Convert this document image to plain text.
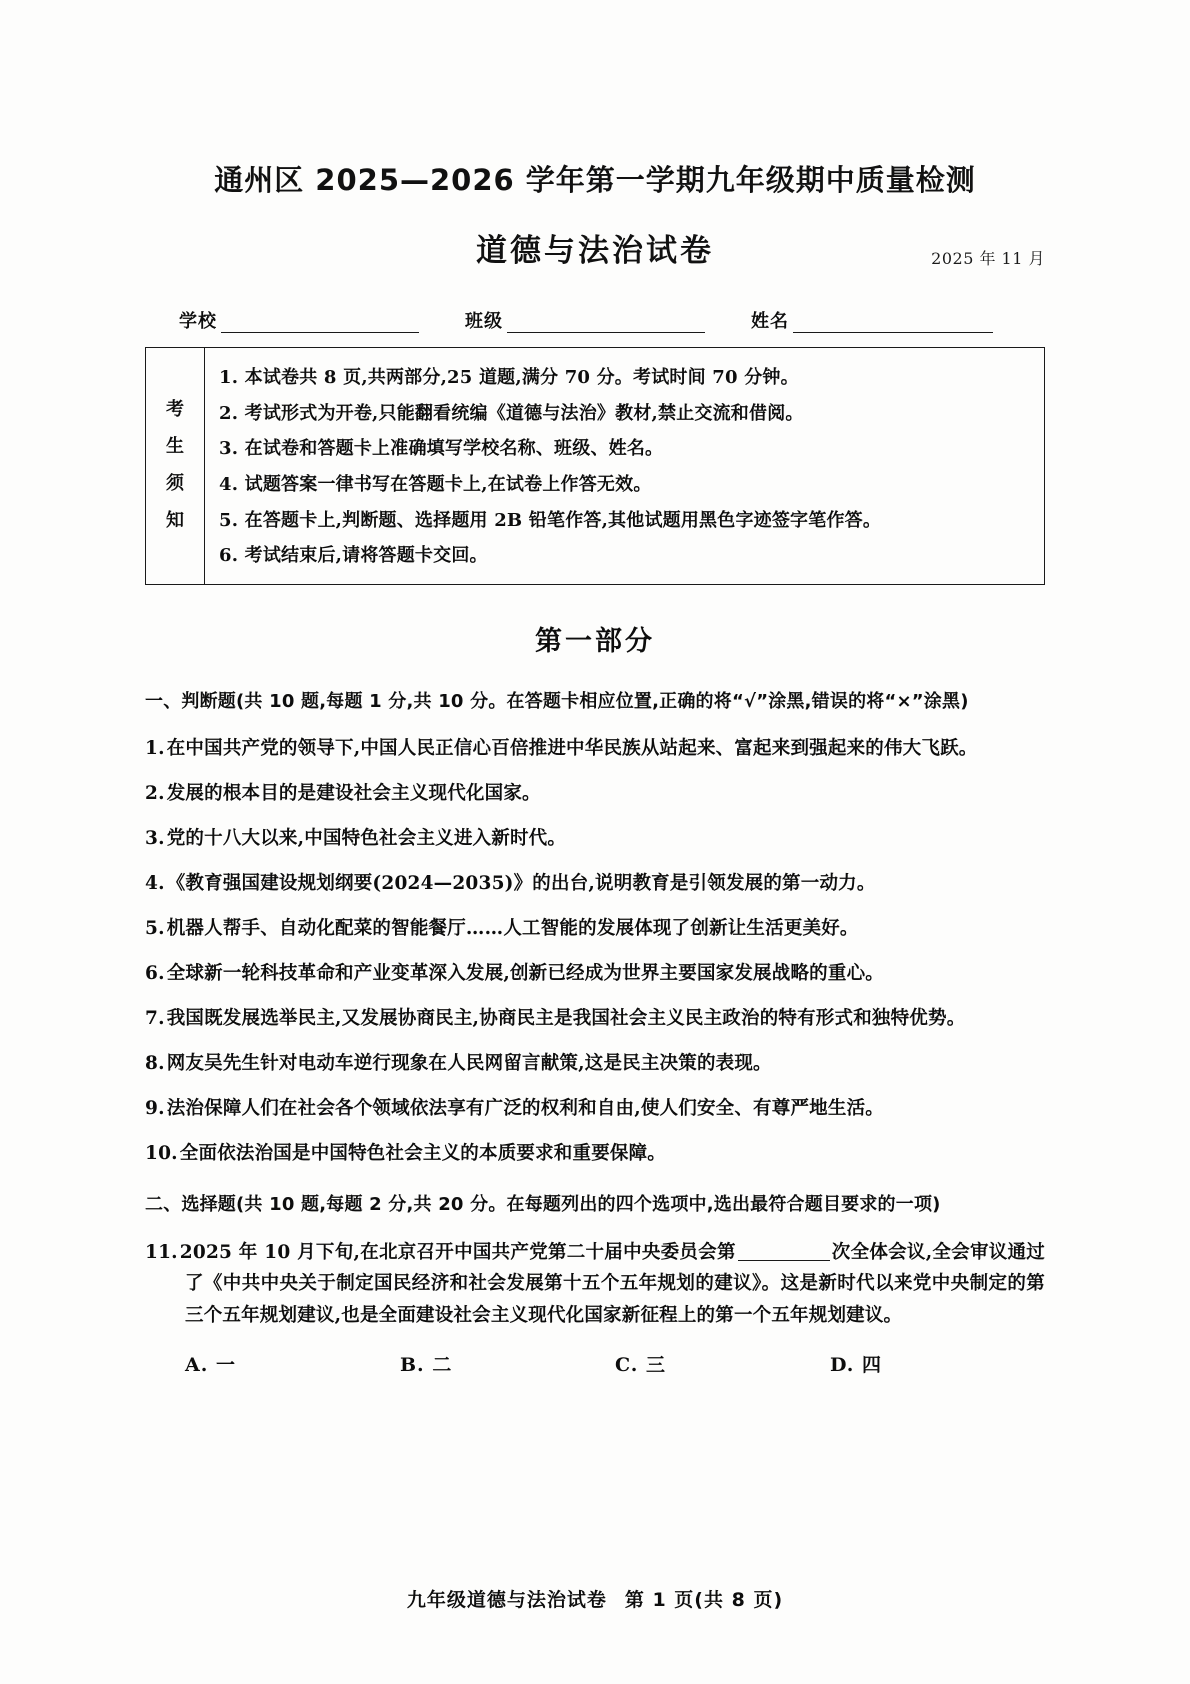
通州区 2025—2026 学年第一学期九年级期中质量检测
道德与法治试卷	2025 年 11 月
学校	班级	姓名
考
生
须
知
1. 本试卷共 8 页,共两部分,25 道题,满分 70 分。考试时间 70 分钟。
2. 考试形式为开卷,只能翻看统编《道德与法治》教材,禁止交流和借阅。
3. 在试卷和答题卡上准确填写学校名称、班级、姓名。
4. 试题答案一律书写在答题卡上,在试卷上作答无效。
5. 在答题卡上,判断题、选择题用 2B 铅笔作答,其他试题用黑色字迹签字笔作答。
6. 考试结束后,请将答题卡交回。
第一部分
一、判断题(共 10 题,每题 1 分,共 10 分。在答题卡相应位置,正确的将“√”涂黑,错误的将“×”涂黑)
1. 在中国共产党的领导下,中国人民正信心百倍推进中华民族从站起来、富起来到强起来的伟大飞跃。
2. 发展的根本目的是建设社会主义现代化国家。
3. 党的十八大以来,中国特色社会主义进入新时代。
4. 《教育强国建设规划纲要(2024—2035)》的出台,说明教育是引领发展的第一动力。
5. 机器人帮手、自动化配菜的智能餐厅……人工智能的发展体现了创新让生活更美好。
6. 全球新一轮科技革命和产业变革深入发展,创新已经成为世界主要国家发展战略的重心。
7. 我国既发展选举民主,又发展协商民主,协商民主是我国社会主义民主政治的特有形式和独特优势。
8. 网友吴先生针对电动车逆行现象在人民网留言献策,这是民主决策的表现。
9. 法治保障人们在社会各个领域依法享有广泛的权利和自由,使人们安全、有尊严地生活。
10. 全面依法治国是中国特色社会主义的本质要求和重要保障。
二、选择题(共 10 题,每题 2 分,共 20 分。在每题列出的四个选项中,选出最符合题目要求的一项)
11. 2025 年 10 月下旬,在北京召开中国共产党第二十届中央委员会第	次全体会议,全会审议通过了《中共中央关于制定国民经济和社会发展第十五个五年规划的建议》。这是新时代以来党中央制定的第三个五年规划建议,也是全面建设社会主义现代化国家新征程上的第一个五年规划建议。
A. 一	B. 二	C. 三	D. 四
九年级道德与法治试卷 第 1 页(共 8 页)
